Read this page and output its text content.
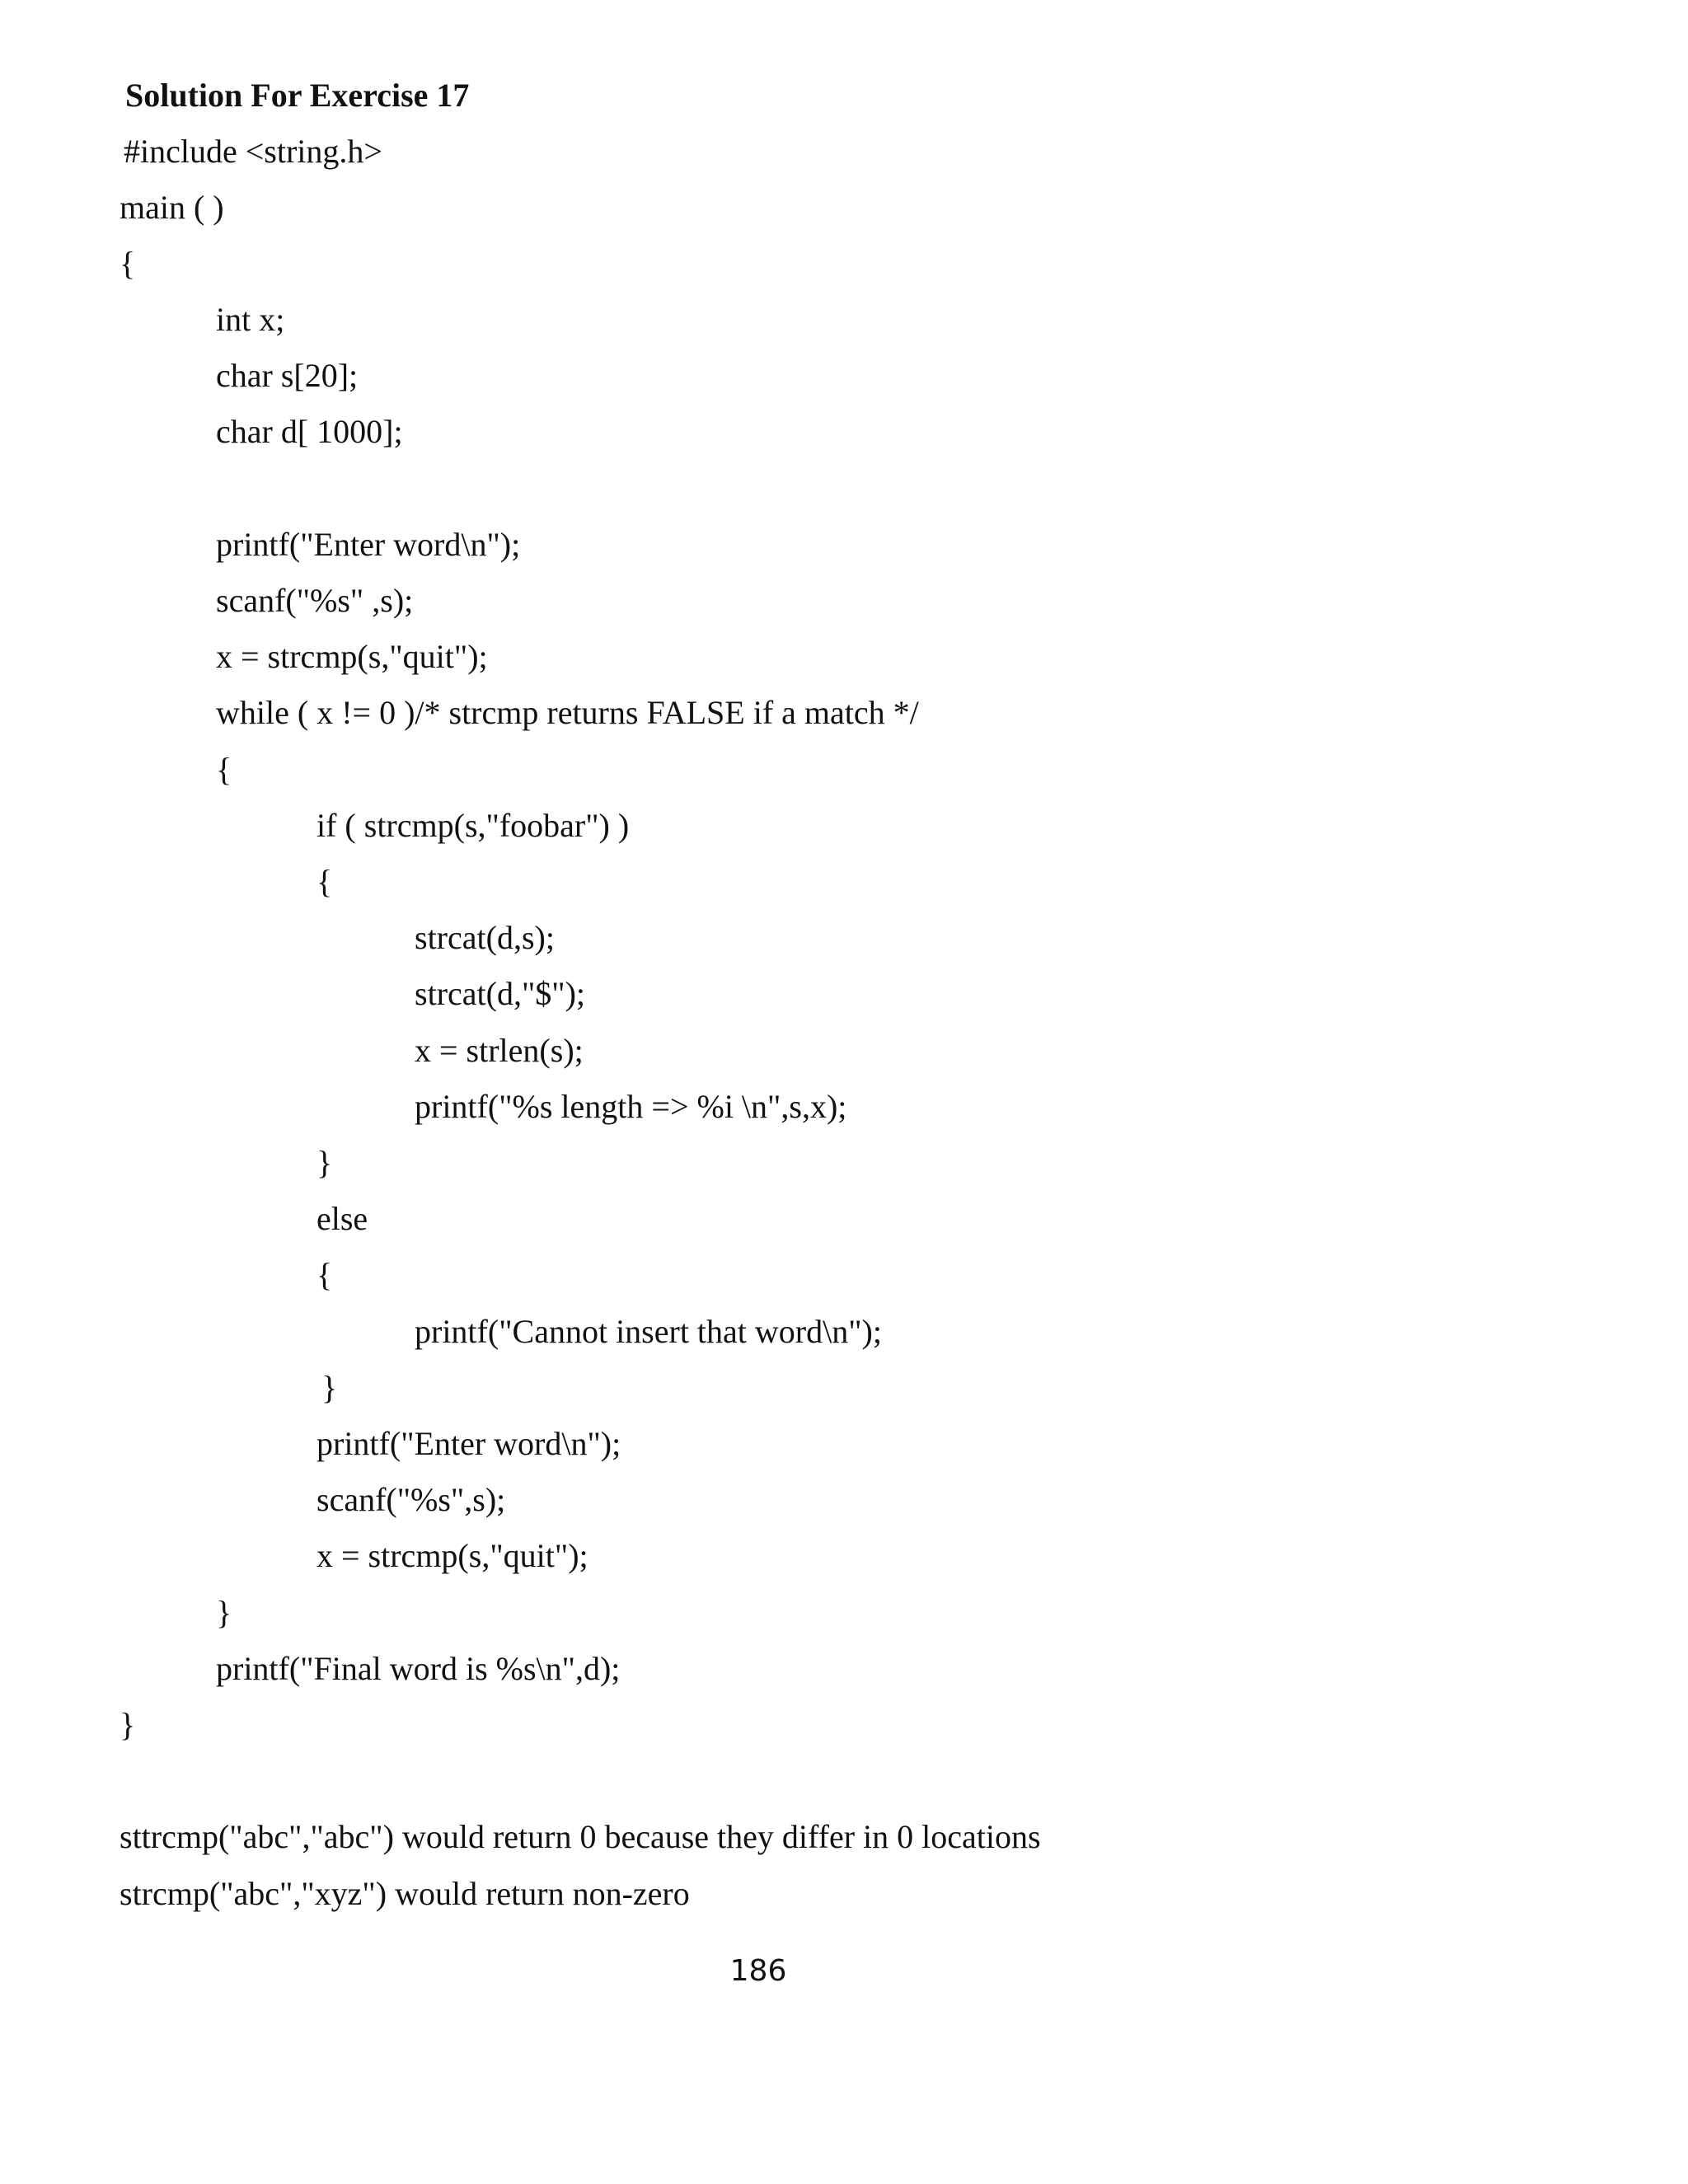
Solution For Exercise 17
#include <string.h>
main ( )
{
int x;
char s[20];
char d[ 1000];
printf("Enter word\n");
scanf("%s" ,s);
x = strcmp(s,"quit");
while ( x != 0 )/* strcmp returns FALSE if a match */
{
if ( strcmp(s,"foobar") )
{
strcat(d,s);
strcat(d,"$");
x = strlen(s);
printf("%s length => %i \n",s,x);
}
else
{
printf("Cannot insert that word\n");
}
printf("Enter word\n");
scanf("%s",s);
x = strcmp(s,"quit");
}
printf("Final word is %s\n",d);
}
sttrcmp("abc","abc") would return 0 because they differ in 0 locations
strcmp("abc","xyz") would return non-zero
186
